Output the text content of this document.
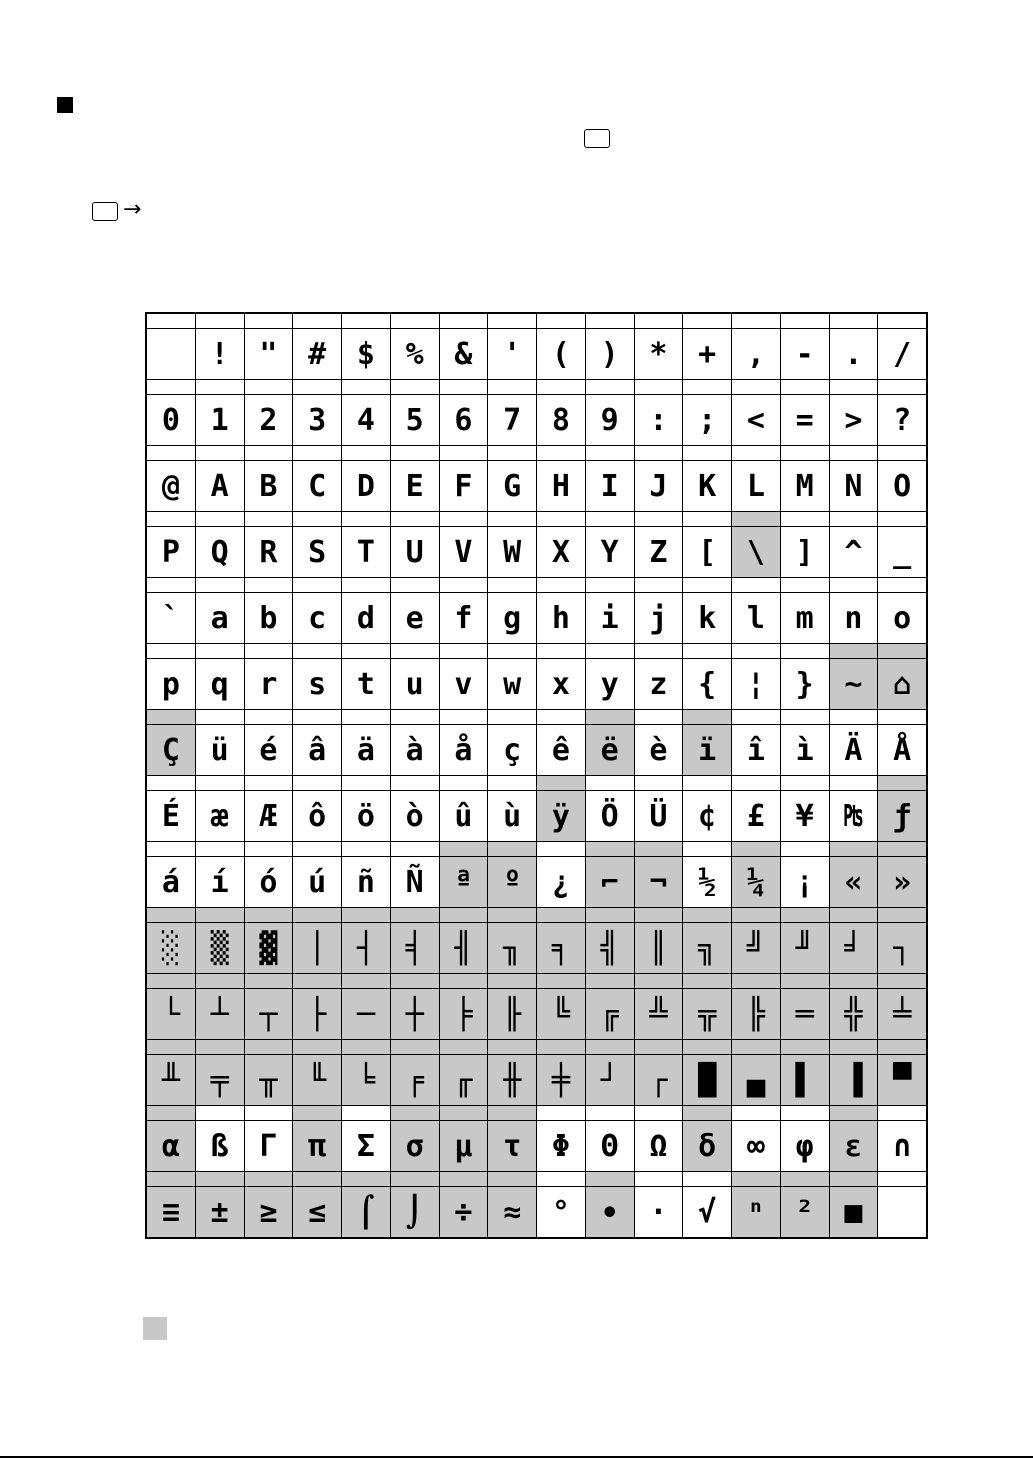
→

	!	"	#	$	%	&	'	(	)	*	+	,	-	.	/

0	1	2	3	4	5	6	7	8	9	:	;	<	=	>	?

@	A	B	C	D	E	F	G	H	I	J	K	L	M	N	O

P	Q	R	S	T	U	V	W	X	Y	Z	[	\	]	^	_

`	a	b	c	d	e	f	g	h	i	j	k	l	m	n	o

p	q	r	s	t	u	v	w	x	y	z	{	¦	}	~	⌂

Ç	ü	é	â	ä	à	å	ç	ê	ë	è	ï	î	ì	Ä	Å

É	æ	Æ	ô	ö	ò	û	ù	ÿ	Ö	Ü	¢	£	¥	₧	ƒ

á	í	ó	ú	ñ	Ñ	ª	º	¿	⌐	¬	½	¼	¡	«	»

░	▒	▓	│	┤	╡	╢	╖	╕	╣	║	╗	╝	╜	╛	┐

└	┴	┬	├	─	┼	╞	╟	╚	╔	╩	╦	╠	═	╬	╧

╨	╤	╥	╙	╘	╒	╓	╫	╪	┘	┌	█	▄	▌	▐	▀

α	ß	Γ	π	Σ	σ	µ	τ	Φ	Θ	Ω	δ	∞	φ	ε	∩

≡	±	≥	≤	⌠	⌡	÷	≈	°	∙	·	√	ⁿ	²	■	
